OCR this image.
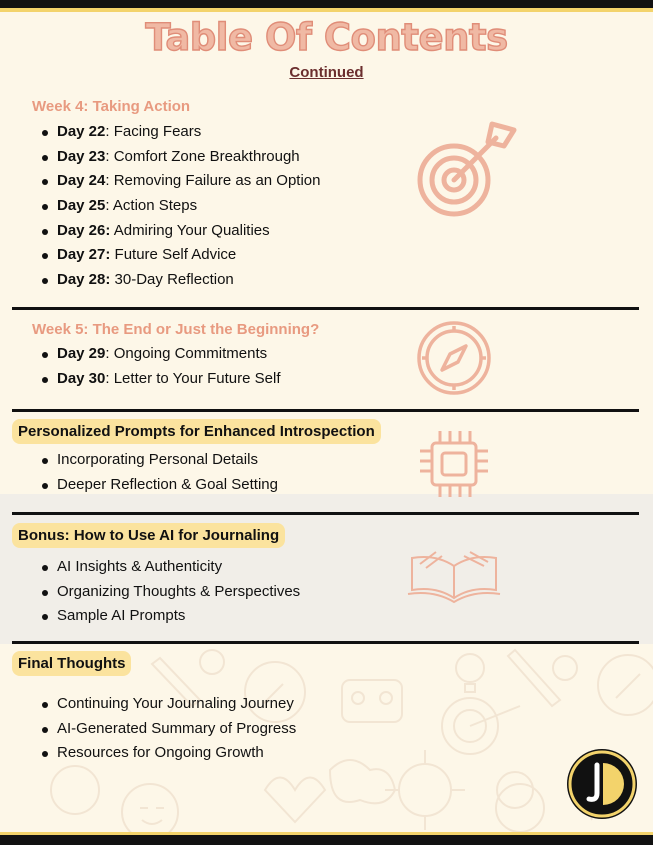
Table Of Contents
Continued
Week 4: Taking Action
Day 22: Facing Fears
Day 23: Comfort Zone Breakthrough
Day 24: Removing Failure as an Option
Day 25: Action Steps
Day 26: Admiring Your Qualities
Day 27: Future Self Advice
Day 28: 30-Day Reflection
Week 5: The End or Just the Beginning?
Day 29: Ongoing Commitments
Day 30: Letter to Your Future Self
Personalized Prompts for Enhanced Introspection
Incorporating Personal Details
Deeper Reflection & Goal Setting
Bonus: How to Use AI for Journaling
AI Insights & Authenticity
Organizing Thoughts & Perspectives
Sample AI Prompts
Final Thoughts
Continuing Your Journaling Journey
AI-Generated Summary of Progress
Resources for Ongoing Growth
